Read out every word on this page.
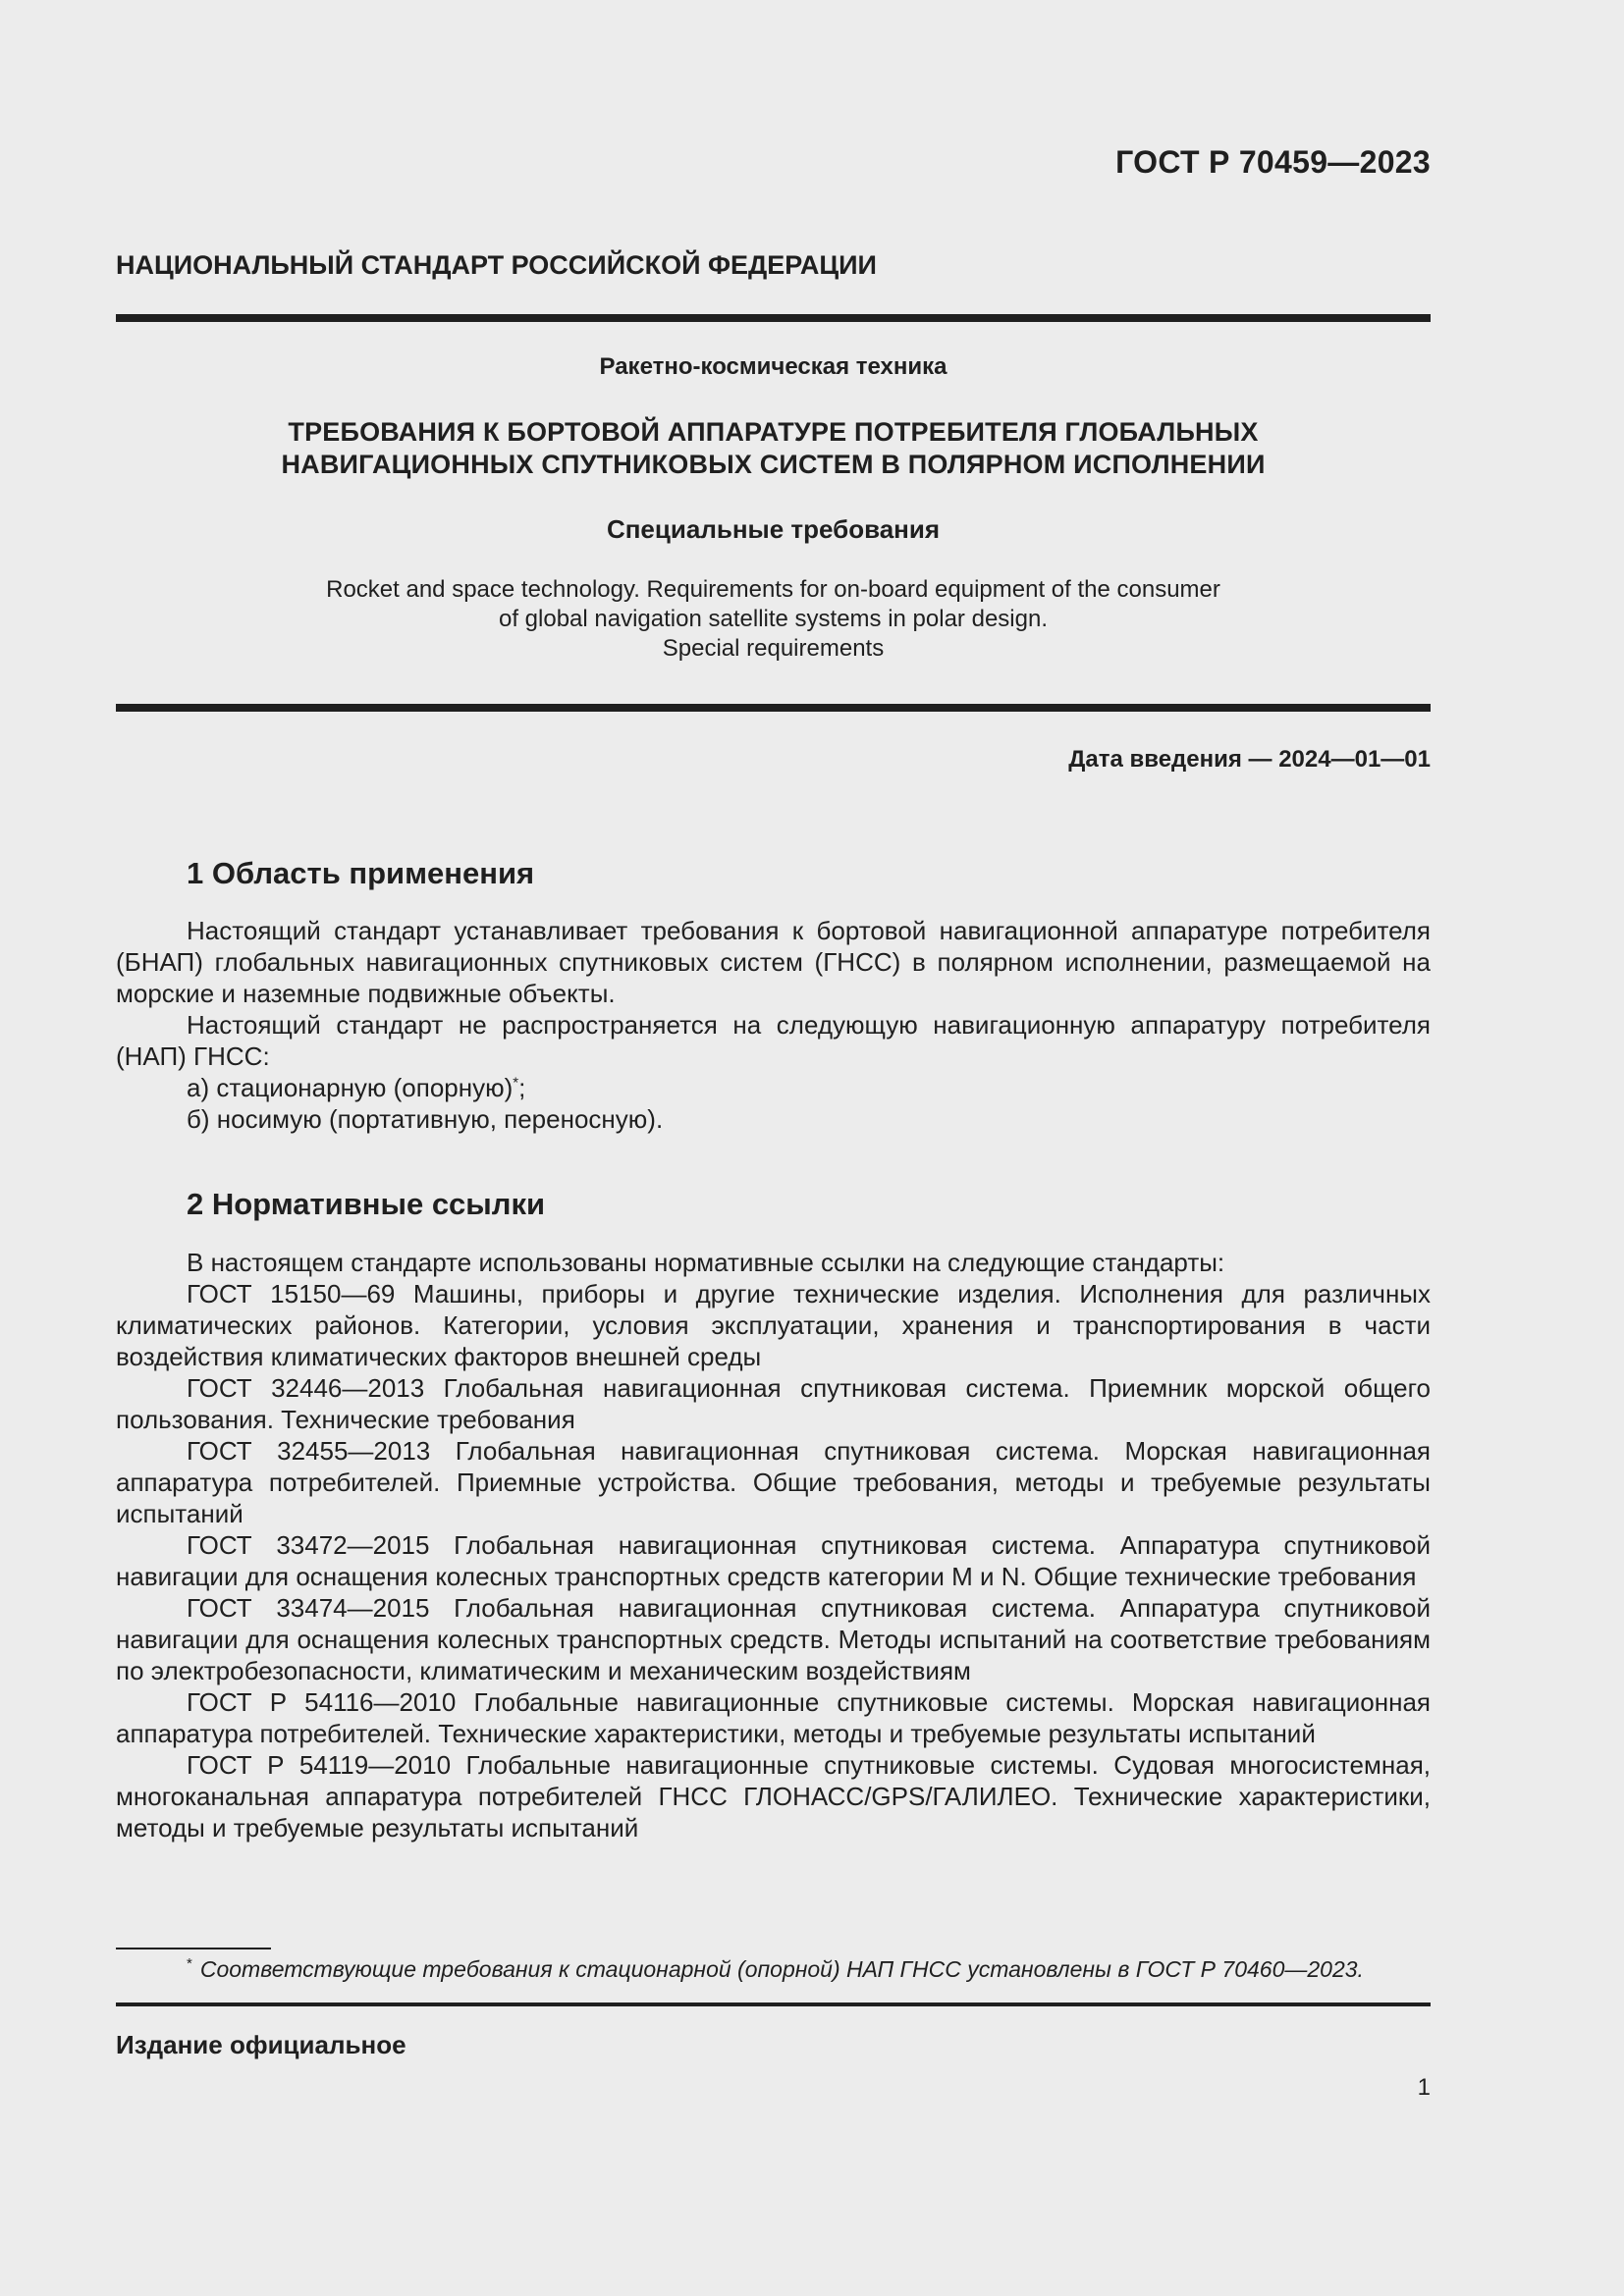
ГОСТ Р 70459—2023
НАЦИОНАЛЬНЫЙ СТАНДАРТ РОССИЙСКОЙ ФЕДЕРАЦИИ
Ракетно-космическая техника
ТРЕБОВАНИЯ К БОРТОВОЙ АППАРАТУРЕ ПОТРЕБИТЕЛЯ ГЛОБАЛЬНЫХ
НАВИГАЦИОННЫХ СПУТНИКОВЫХ СИСТЕМ В ПОЛЯРНОМ ИСПОЛНЕНИИ
Специальные требования
Rocket and space technology. Requirements for on-board equipment of the consumer
of global navigation satellite systems in polar design.
Special requirements
Дата введения — 2024—01—01
1 Область применения

Настоящий стандарт устанавливает требования к бортовой навигационной аппаратуре потребителя (БНАП) глобальных навигационных спутниковых систем (ГНСС) в полярном исполнении, размещаемой на морские и наземные подвижные объекты.

Настоящий стандарт не распространяется на следующую навигационную аппаратуру потребителя (НАП) ГНСС:

а) стационарную (опорную)*;

б) носимую (портативную, переносную).

2 Нормативные ссылки

В настоящем стандарте использованы нормативные ссылки на следующие стандарты:

ГОСТ 15150—69 Машины, приборы и другие технические изделия. Исполнения для различных климатических районов. Категории, условия эксплуатации, хранения и транспортирования в части воздействия климатических факторов внешней среды

ГОСТ 32446—2013 Глобальная навигационная спутниковая система. Приемник морской общего пользования. Технические требования

ГОСТ 32455—2013 Глобальная навигационная спутниковая система. Морская навигационная аппаратура потребителей. Приемные устройства. Общие требования, методы и требуемые результаты испытаний

ГОСТ 33472—2015 Глобальная навигационная спутниковая система. Аппаратура спутниковой навигации для оснащения колесных транспортных средств категории M и N. Общие технические требования

ГОСТ 33474—2015 Глобальная навигационная спутниковая система. Аппаратура спутниковой навигации для оснащения колесных транспортных средств. Методы испытаний на соответствие требованиям по электробезопасности, климатическим и механическим воздействиям

ГОСТ Р 54116—2010 Глобальные навигационные спутниковые системы. Морская навигационная аппаратура потребителей. Технические характеристики, методы и требуемые результаты испытаний

ГОСТ Р 54119—2010 Глобальные навигационные спутниковые системы. Судовая многосистемная, многоканальная аппаратура потребителей ГНСС ГЛОНАСС/GPS/ГАЛИЛЕО. Технические характеристики, методы и требуемые результаты испытаний

* Соответствующие требования к стационарной (опорной) НАП ГНСС установлены в ГОСТ Р 70460—2023.
Издание официальное
1
